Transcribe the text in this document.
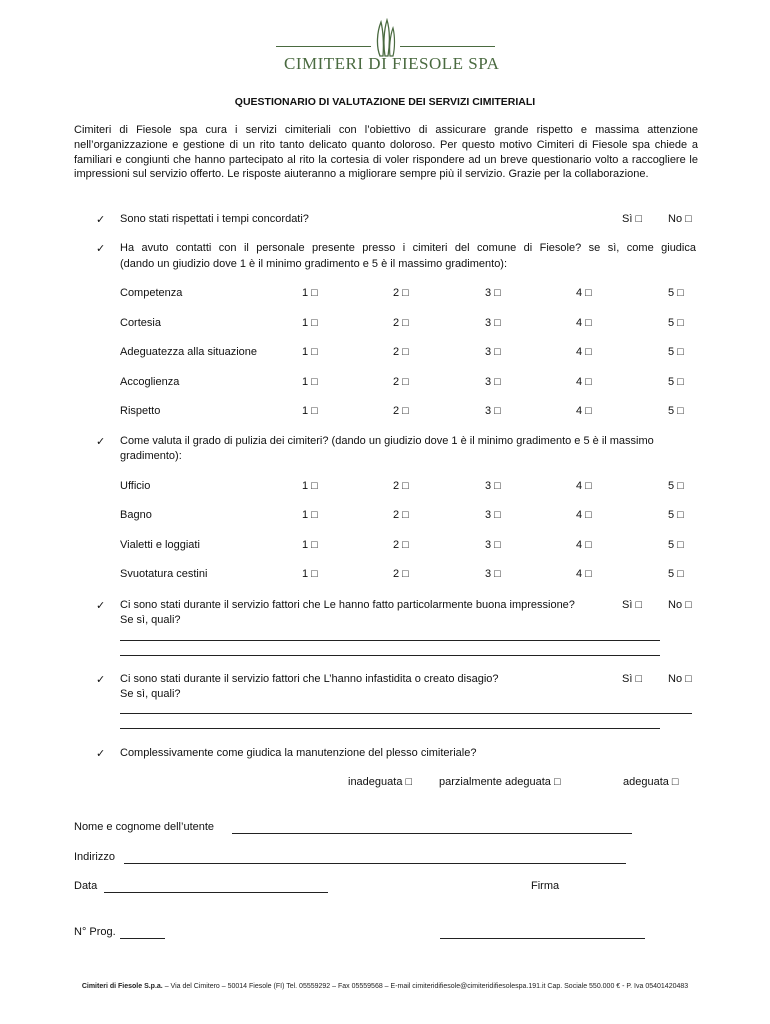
CIMITERI DI FIESOLE SPA
QUESTIONARIO DI VALUTAZIONE DEI SERVIZI CIMITERIALI
Cimiteri di Fiesole spa cura i servizi cimiteriali con l’obiettivo di assicurare grande rispetto e massima attenzione nell’organizzazione e gestione di un rito tanto delicato quanto doloroso. Per questo motivo Cimiteri di Fiesole spa chiede a familiari e congiunti che hanno partecipato al rito la cortesia di voler rispondere ad un breve questionario volto a raccogliere le impressioni sul servizio offerto. Le risposte aiuteranno a migliorare sempre più il servizio. Grazie per la collaborazione.
✓ Sono stati rispettati i tempi concordati?	Sì □ No □
✓ Ha avuto contatti con il personale presente presso i cimiteri del comune di Fiesole? se sì, come giudica
(dando un giudizio dove 1 è il minimo gradimento e 5 è il massimo gradimento):
Competenza	1 □	2 □	3 □	4 □	5 □
Cortesia	1 □	2 □	3 □	4 □	5 □
Adeguatezza alla situazione	1 □	2 □	3 □	4 □	5 □
Accoglienza	1 □	2 □	3 □	4 □	5 □
Rispetto	1 □	2 □	3 □	4 □	5 □
✓ Come valuta il grado di pulizia dei cimiteri? (dando un giudizio dove 1 è il minimo gradimento e 5 è il massimo
gradimento):
Ufficio	1 □	2 □	3 □	4 □	5 □
Bagno	1 □	2 □	3 □	4 □	5 □
Vialetti e loggiati	1 □	2 □	3 □	4 □	5 □
Svuotatura cestini	1 □	2 □	3 □	4 □	5 □
✓ Ci sono stati durante il servizio fattori che Le hanno fatto particolarmente buona impressione?	Sì □ No □
Se sì, quali?
✓ Ci sono stati durante il servizio fattori che L’hanno infastidita o creato disagio?	Sì □ No □
Se sì, quali?
✓ Complessivamente come giudica la manutenzione del plesso cimiteriale?
inadeguata □ parzialmente adeguata □	adeguata □
Nome e cognome dell’utente
Indirizzo
Data	Firma
N° Prog.
Cimiteri di Fiesole S.p.a. – Via del Cimitero – 50014 Fiesole (FI) Tel. 05559292 – Fax 05559568 – E-mail cimiteridifiesole@cimiteridifiesolespa.191.it Cap. Sociale 550.000 € - P. Iva 05401420483
